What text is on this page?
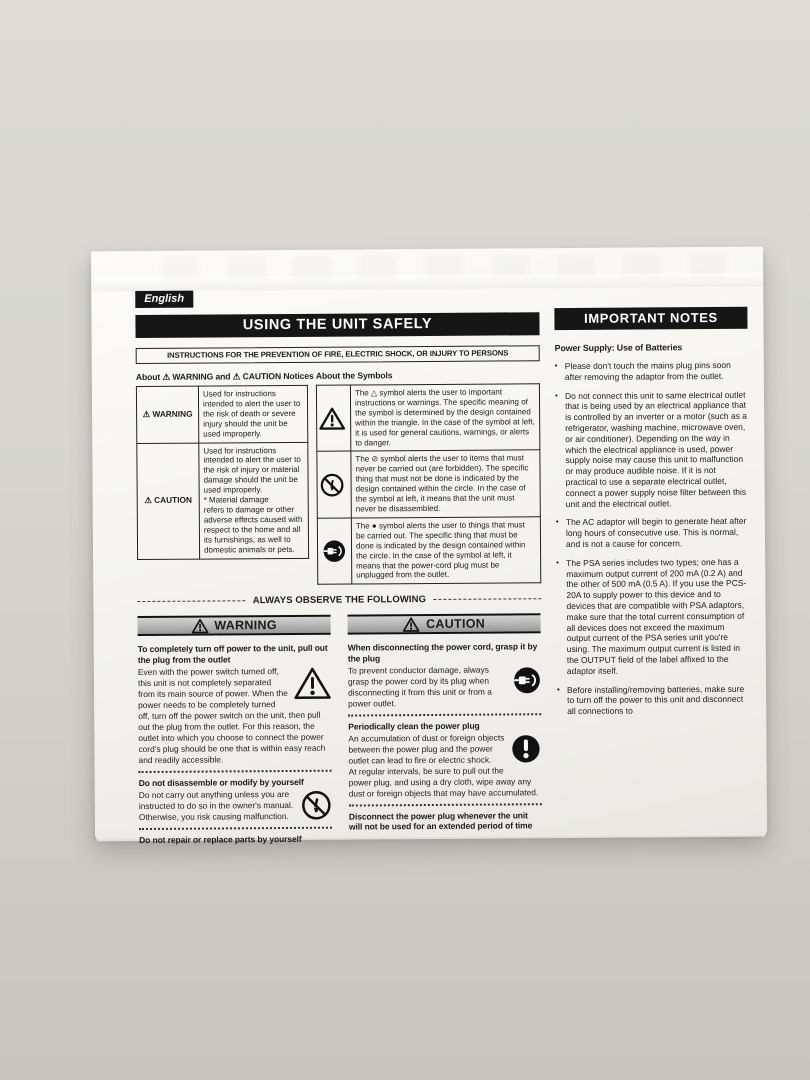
English
USING THE UNIT SAFELY
INSTRUCTIONS FOR THE PREVENTION OF FIRE, ELECTRIC SHOCK, OR INJURY TO PERSONS
About ⚠ WARNING and ⚠ CAUTION Notices About the Symbols
⚠ WARNING	Used for instructions intended to alert the user to the risk of death or severe injury should the unit be used improperly.
⚠ CAUTION	Used for instructions intended to alert the user to the risk of injury or material damage should the unit be used improperly.
* Material damage
refers to damage or other adverse effects caused with respect to the home and all its furnishings, as well to domestic animals or pets.
	The △ symbol alerts the user to important instructions or warnings. The specific meaning of the symbol is determined by the design contained within the triangle. In the case of the symbol at left, it is used for general cautions, warnings, or alerts to danger.

	The ⊘ symbol alerts the user to items that must never be carried out (are forbidden). The specific thing that must not be done is indicated by the design contained within the circle. In the case of the symbol at left, it means that the unit must never be disassembled.

	The ● symbol alerts the user to things that must be carried out. The specific thing that must be done is indicated by the design contained within the circle. In the case of the symbol at left, it means that the power-cord plug must be unplugged from the outlet.
ALWAYS OBSERVE THE FOLLOWING
WARNING
To completely turn off power to the unit, pull out the plug from the outlet
Even with the power switch turned off, this unit is not completely separated from its main source of power. When the power needs to be completely turned off, turn off the power switch on the unit, then pull out the plug from the outlet. For this reason, the outlet into which you choose to connect the power cord's plug should be one that is within easy reach and readily accessible.
Do not disassemble or modify by yourself
Do not carry out anything unless you are instructed to do so in the owner's manual. Otherwise, you risk causing malfunction.
Do not repair or replace parts by yourself
CAUTION
When disconnecting the power cord, grasp it by the plug
To prevent conductor damage, always grasp the power cord by its plug when disconnecting it from this unit or from a power outlet.
Periodically clean the power plug
An accumulation of dust or foreign objects between the power plug and the power outlet can lead to fire or electric shock.
At regular intervals, be sure to pull out the power plug, and using a dry cloth, wipe away any dust or foreign objects that may have accumulated.
Disconnect the power plug whenever the unit will not be used for an extended period of time
IMPORTANT NOTES
Power Supply: Use of Batteries
• Please don't touch the mains plug pins soon after removing the adaptor from the outlet.
• Do not connect this unit to same electrical outlet that is being used by an electrical appliance that is controlled by an inverter or a motor (such as a refrigerator, washing machine, microwave oven, or air conditioner). Depending on the way in which the electrical appliance is used, power supply noise may cause this unit to malfunction or may produce audible noise. If it is not practical to use a separate electrical outlet, connect a power supply noise filter between this unit and the electrical outlet.
• The AC adaptor will begin to generate heat after long hours of consecutive use. This is normal, and is not a cause for concern.
• The PSA series includes two types; one has a maximum output current of 200 mA (0.2 A) and the other of 500 mA (0.5 A). If you use the PCS-20A to supply power to this device and to devices that are compatible with PSA adaptors, make sure that the total current consumption of all devices does not exceed the maximum output current of the PSA series unit you're using. The maximum output current is listed in the OUTPUT field of the label affixed to the adaptor itself.
• Before installing/removing batteries, make sure to turn off the power to this unit and disconnect all connections to
